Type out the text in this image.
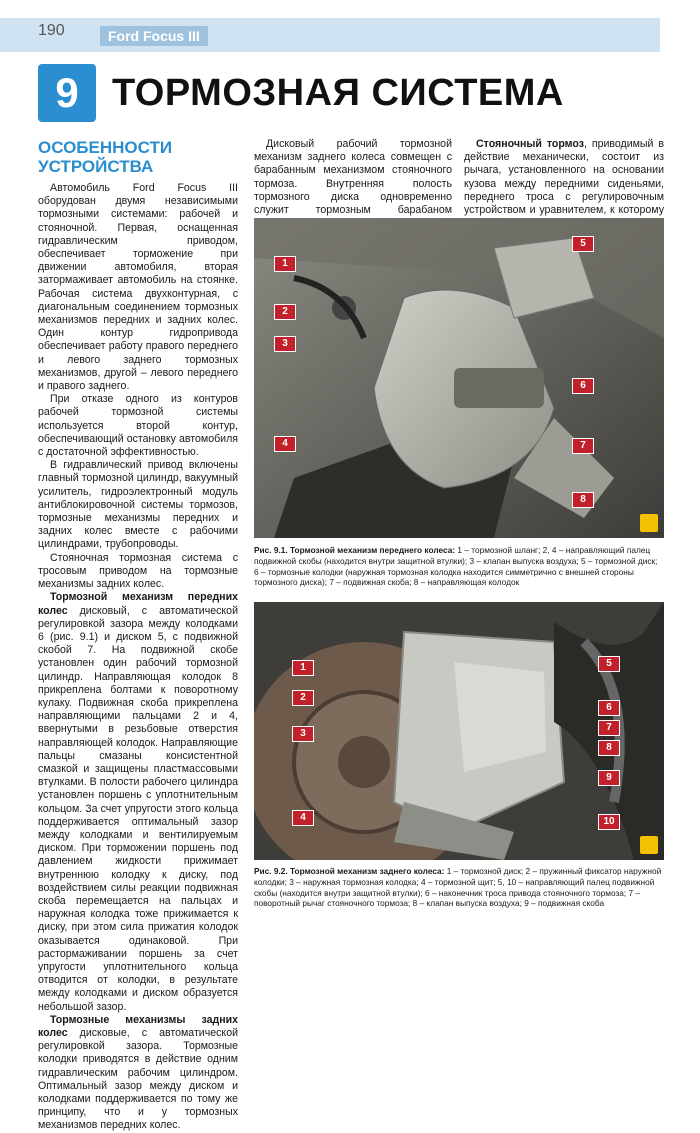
190	Ford Focus III
9 ТОРМОЗНАЯ СИСТЕМА
ОСОБЕННОСТИ УСТРОЙСТВА

Автомобиль Ford Focus III оборудован двумя независимыми тормозными системами: рабочей и стояночной. Первая, оснащенная гидравлическим приводом, обеспечивает торможение при движении автомобиля, вторая затормаживает автомобиль на стоянке. Рабочая система двухконтурная, с диагональным соединением тормозных механизмов передних и задних колес. Один контур гидропривода обеспечивает работу правого переднего и левого заднего тормозных механизмов, другой – левого переднего и правого заднего.

При отказе одного из контуров рабочей тормозной системы используется второй контур, обеспечивающий остановку автомобиля с достаточной эффективностью.

В гидравлический привод включены главный тормозной цилиндр, вакуумный усилитель, гидроэлектронный модуль антиблокировочной системы тормозов, тормозные механизмы передних и задних колес вместе с рабочими цилиндрами, трубопроводы.

Стояночная тормозная система с тросовым приводом на тормозные механизмы задних колес.

Тормозной механизм передних колес дисковый, с автоматической регулировкой зазора между колодками 6 (рис. 9.1) и диском 5, с подвижной скобой 7. На подвижной скобе установлен один рабочий тормозной цилиндр. Направляющая колодок 8 прикреплена болтами к поворотному кулаку. Подвижная скоба прикреплена направляющими пальцами 2 и 4, ввернутыми в резьбовые отверстия направляющей колодок. Направляющие пальцы смазаны консистентной смазкой и защищены пластмассовыми втулками. В полости рабочего цилиндра установлен поршень с уплотнительным кольцом. За счет упругости этого кольца поддерживается оптимальный зазор между колодками и вентилируемым диском. При торможении поршень под давлением жидкости прижимает внутреннюю колодку к диску, под воздействием силы реакции подвижная скоба перемещается на пальцах и наружная колодка тоже прижимается к диску, при этом сила прижатия колодок оказывается одинаковой. При растормаживании поршень за счет упругости уплотнительного кольца отводится от колодки, в результате между колодками и диском образуется небольшой зазор.

Тормозные механизмы задних колес дисковые, с автоматической регулировкой зазора. Тормозные колодки приводятся в действие одним гидравлическим рабочим цилиндром. Оптимальный зазор между диском и колодками поддерживается по тому же принципу, что и у тормозных механизмов передних колес.

Дисковый рабочий тормозной механизм заднего колеса совмещен с барабанным механизмом стояночного тормоза. Внутренняя полость тормозного диска одновременно служит тормозным барабаном

Стояночный тормоз, приводимый в действие механически, состоит из рычага, установленного на основании кузова между передними сиденьями, переднего троса с регулировочным устройством и уравнителем, к которому

1
2
3
4
5
6
7
8
Рис. 9.1. Тормозной механизм переднего колеса: 1 – тормозной шланг; 2, 4 – направляющий палец подвижной скобы (находится внутри защитной втулки); 3 – клапан выпуска воздуха; 5 – тормозной диск; 6 – тормозные колодки (наружная тормозная колодка находится симметрично с внешней стороны тормозного диска); 7 – подвижная скоба; 8 – направляющая колодок
1
2
3
4
5
6
7
8
9
10
Рис. 9.2. Тормозной механизм заднего колеса: 1 – тормозной диск; 2 – пружинный фиксатор наружной колодки; 3 – наружная тормозная колодка; 4 – тормозной щит; 5, 10 – направляющий палец подвижной скобы (находится внутри защитной втулки); 6 – наконечник троса привода стояночного тормоза; 7 – поворотный рычаг стояночного тормоза; 8 – клапан выпуска воздуха; 9 – подвижная скоба
